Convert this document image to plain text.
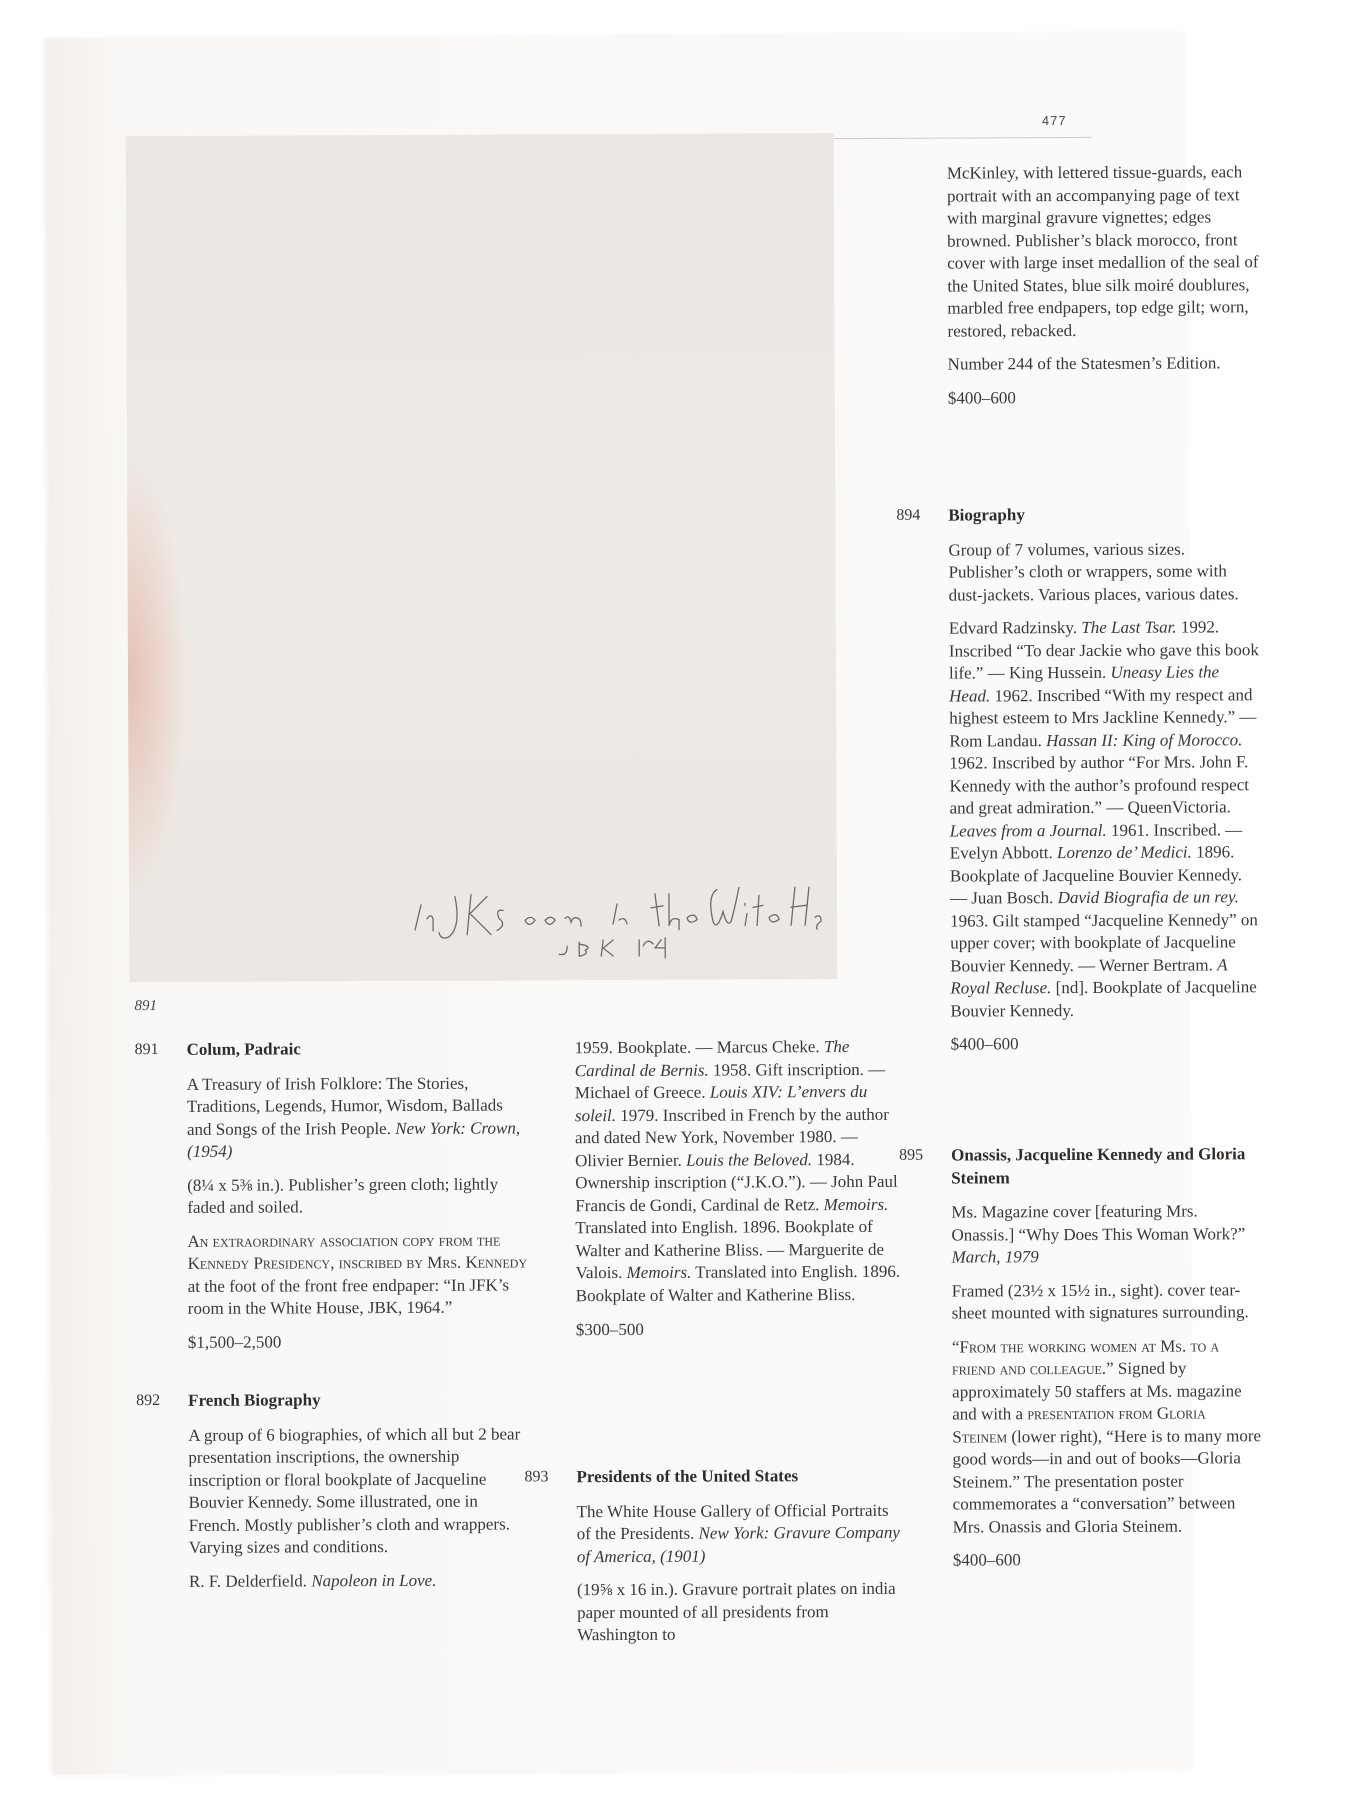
477
891
891 Colum, Padraic

A Treasury of Irish Folklore: The Stories, Traditions, Legends, Humor, Wisdom, Ballads and Songs of the Irish People. New York: Crown, (1954)

(8¼ x 5⅜ in.). Publisher’s green cloth; lightly faded and soiled.

An extraordinary association copy from the Kennedy Presidency, inscribed by Mrs. Kennedy at the foot of the front free endpaper: “In JFK’s room in the White House, JBK, 1964.”

$1,500–2,500

892 French Biography

A group of 6 biographies, of which all but 2 bear presentation inscriptions, the ownership inscription or floral bookplate of Jacqueline Bouvier Kennedy. Some illustrated, one in French. Mostly publisher’s cloth and wrappers. Varying sizes and conditions.

R. F. Delderfield. Napoleon in Love.

1959. Bookplate. — Marcus Cheke. The Cardinal de Bernis. 1958. Gift inscription. — Michael of Greece. Louis XIV: L’envers du soleil. 1979. Inscribed in French by the author and dated New York, November 1980. — Olivier Bernier. Louis the Beloved. 1984. Ownership inscription (“J.K.O.”). — John Paul Francis de Gondi, Cardinal de Retz. Memoirs. Translated into English. 1896. Bookplate of Walter and Katherine Bliss. — Marguerite de Valois. Memoirs. Translated into English. 1896. Bookplate of Walter and Katherine Bliss.

$300–500

893 Presidents of the United States

The White House Gallery of Official Portraits of the Presidents. New York: Gravure Company of America, (1901)

(19⅝ x 16 in.). Gravure portrait plates on india paper mounted of all presidents from Washington to

McKinley, with lettered tissue-guards, each portrait with an accompanying page of text with marginal gravure vignettes; edges browned. Publisher’s black morocco, front cover with large inset medallion of the seal of the United States, blue silk moiré doublures, marbled free endpapers, top edge gilt; worn, restored, rebacked.

Number 244 of the Statesmen’s Edition.

$400–600

894 Biography

Group of 7 volumes, various sizes. Publisher’s cloth or wrappers, some with dust-jackets. Various places, various dates.

Edvard Radzinsky. The Last Tsar. 1992. Inscribed “To dear Jackie who gave this book life.” — King Hussein. Uneasy Lies the Head. 1962. Inscribed “With my respect and highest esteem to Mrs Jackline Kennedy.” — Rom Landau. Hassan II: King of Morocco. 1962. Inscribed by author “For Mrs. John F. Kennedy with the author’s profound respect and great admiration.” — QueenVictoria. Leaves from a Journal. 1961. Inscribed. — Evelyn Abbott. Lorenzo de’ Medici. 1896. Bookplate of Jacqueline Bouvier Kennedy. — Juan Bosch. David Biografia de un rey. 1963. Gilt stamped “Jacqueline Kennedy” on upper cover; with bookplate of Jacqueline Bouvier Kennedy. — Werner Bertram. A Royal Recluse. [nd]. Bookplate of Jacqueline Bouvier Kennedy.

$400–600

895 Onassis, Jacqueline Kennedy and Gloria Steinem

Ms. Magazine cover [featuring Mrs. Onassis.] “Why Does This Woman Work?” March, 1979

Framed (23½ x 15½ in., sight). cover tear-sheet mounted with signatures surrounding.

“From the working women at Ms. to a friend and colleague.” Signed by approximately 50 staffers at Ms. magazine and with a presentation from Gloria Steinem (lower right), “Here is to many more good words—in and out of books—Gloria Steinem.” The presentation poster commemorates a “conversation” between Mrs. Onassis and Gloria Steinem.

$400–600
